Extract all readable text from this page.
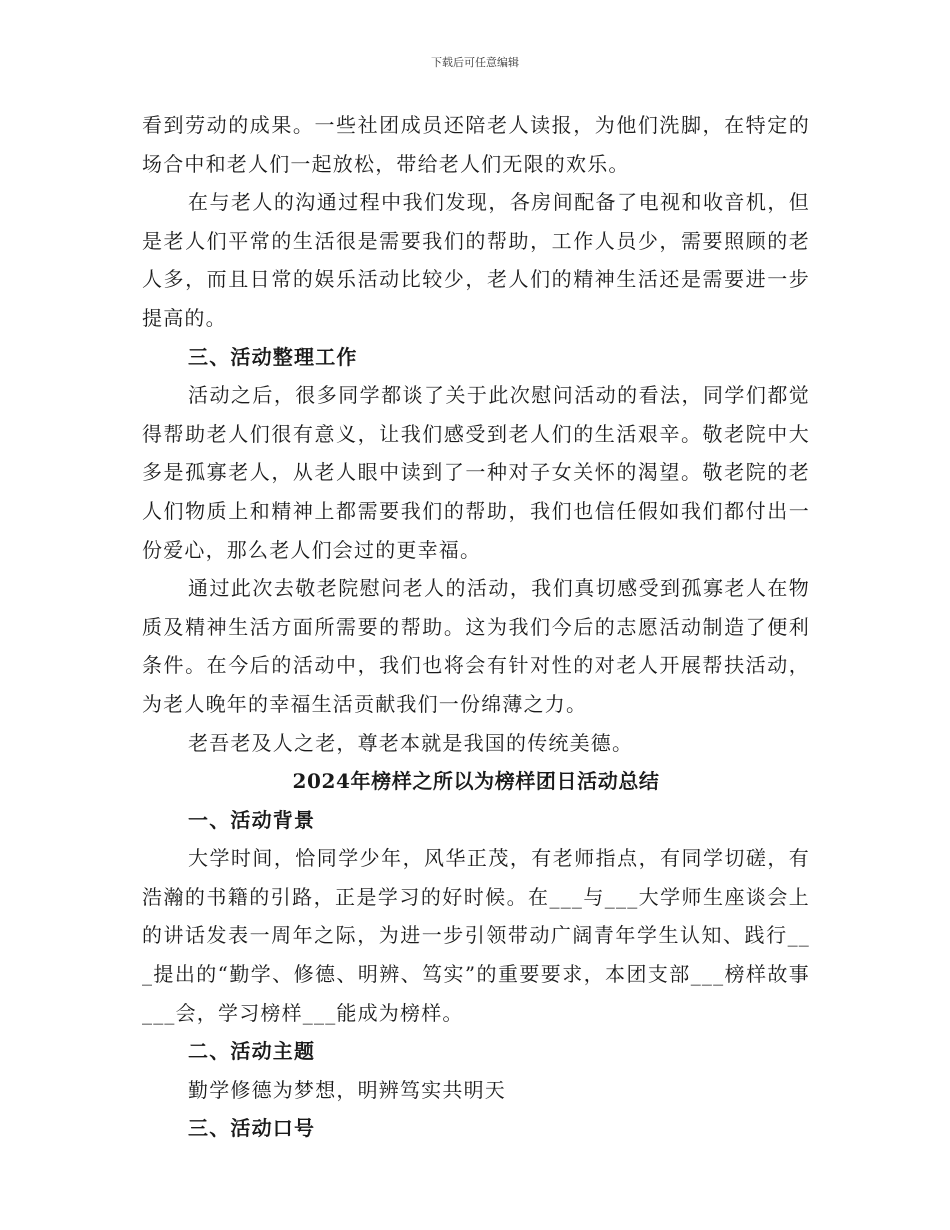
下载后可任意编辑

看到劳动的成果。一些社团成员还陪老人读报，为他们洗脚，在特定的场合中和老人们一起放松，带给老人们无限的欢乐。

在与老人的沟通过程中我们发现，各房间配备了电视和收音机，但是老人们平常的生活很是需要我们的帮助，工作人员少，需要照顾的老人多，而且日常的娱乐活动比较少，老人们的精神生活还是需要进一步提高的。

三、活动整理工作

活动之后，很多同学都谈了关于此次慰问活动的看法，同学们都觉得帮助老人们很有意义，让我们感受到老人们的生活艰辛。敬老院中大多是孤寡老人，从老人眼中读到了一种对子女关怀的渴望。敬老院的老人们物质上和精神上都需要我们的帮助，我们也信任假如我们都付出一份爱心，那么老人们会过的更幸福。

通过此次去敬老院慰问老人的活动，我们真切感受到孤寡老人在物质及精神生活方面所需要的帮助。这为我们今后的志愿活动制造了便利条件。在今后的活动中，我们也将会有针对性的对老人开展帮扶活动，为老人晚年的幸福生活贡献我们一份绵薄之力。

老吾老及人之老，尊老本就是我国的传统美德。

2024年榜样之所以为榜样团日活动总结

一、活动背景

大学时间，恰同学少年，风华正茂，有老师指点，有同学切磋，有浩瀚的书籍的引路，正是学习的好时候。在___与___大学师生座谈会上的讲话发表一周年之际，为进一步引领带动广阔青年学生认知、践行___提出的“勤学、修德、明辨、笃实”的重要要求，本团支部___榜样故事___会，学习榜样___能成为榜样。

二、活动主题

勤学修德为梦想，明辨笃实共明天

三、活动口号
